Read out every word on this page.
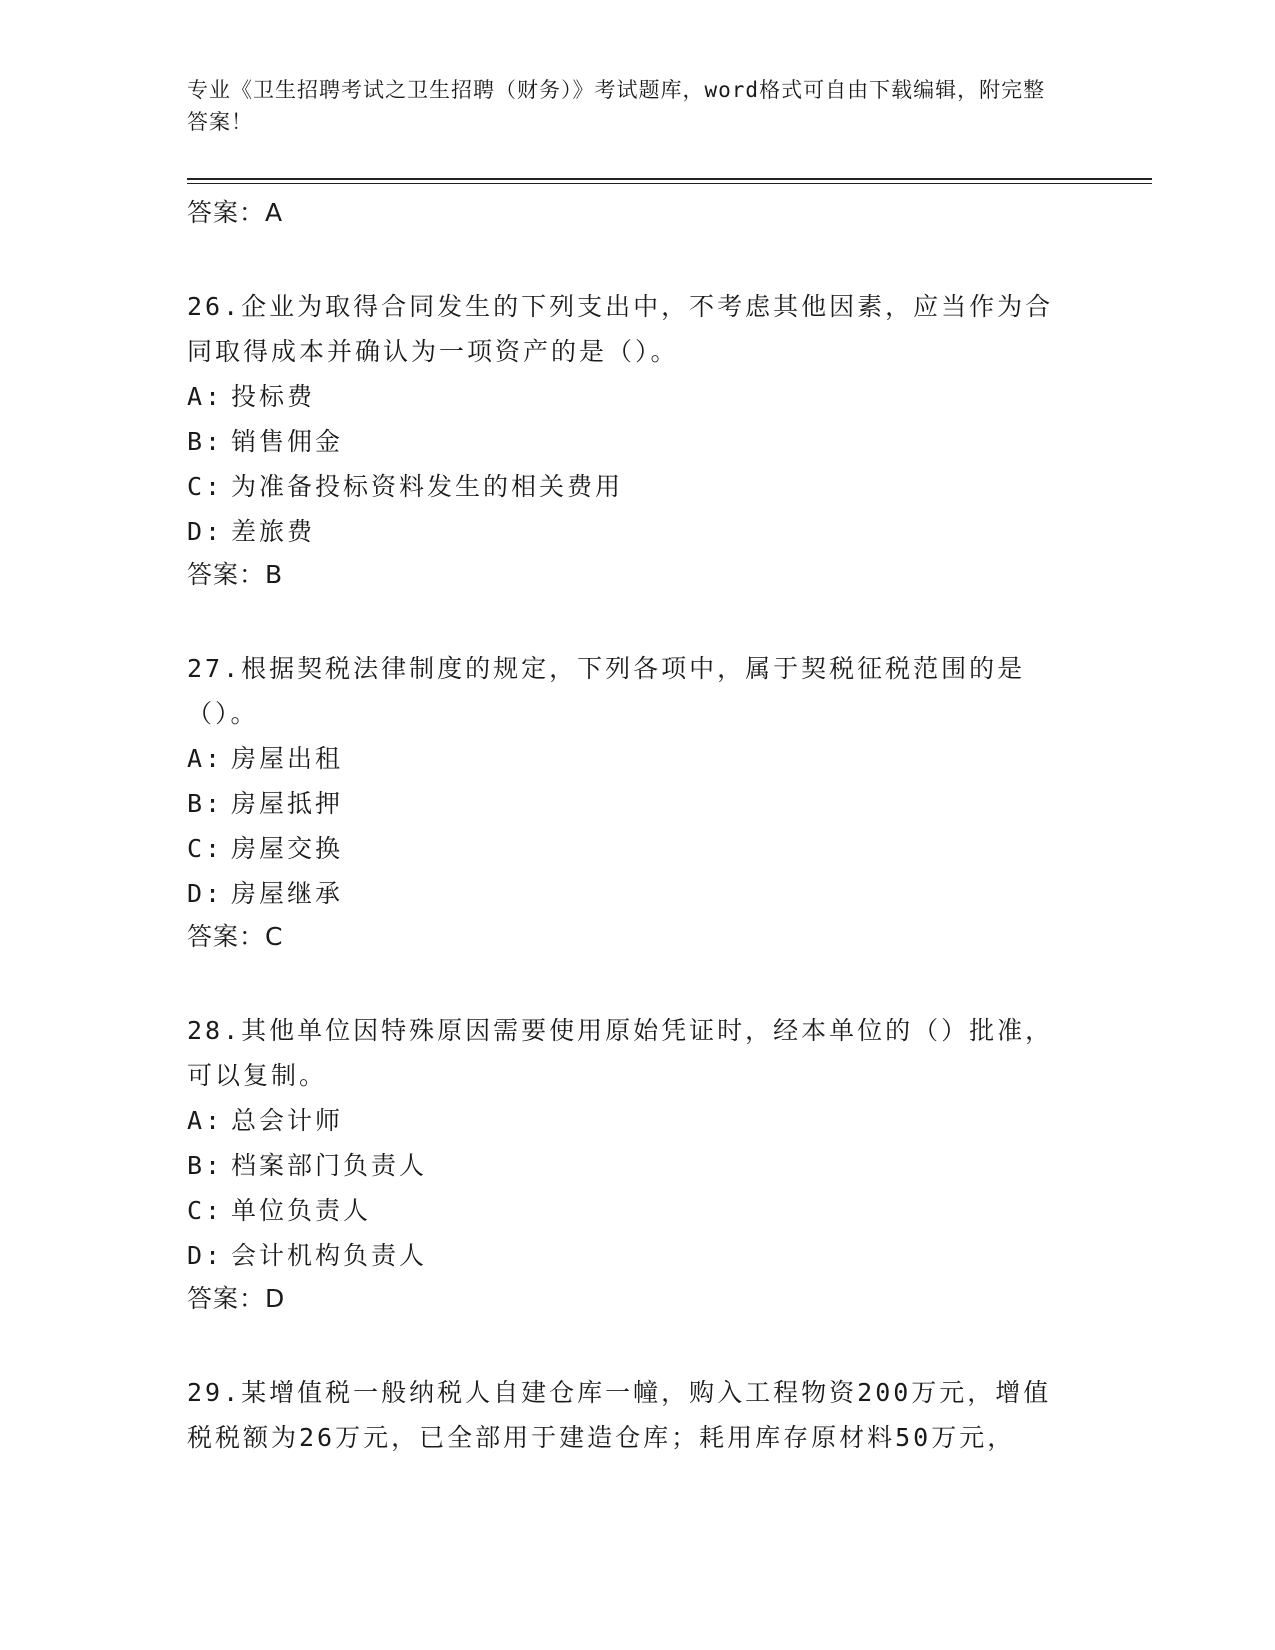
专业《卫生招聘考试之卫生招聘（财务）》考试题库，word格式可自由下载编辑，附完整答案！

答案：A

26.企业为取得合同发生的下列支出中，不考虑其他因素，应当作为合同取得成本并确认为一项资产的是（）。

A: 投标费

B: 销售佣金

C: 为准备投标资料发生的相关费用

D: 差旅费

答案：B

27.根据契税法律制度的规定，下列各项中，属于契税征税范围的是（）。

A: 房屋出租

B: 房屋抵押

C: 房屋交换

D: 房屋继承

答案：C

28.其他单位因特殊原因需要使用原始凭证时，经本单位的（）批准，可以复制。

A: 总会计师

B: 档案部门负责人

C: 单位负责人

D: 会计机构负责人

答案：D

29.某增值税一般纳税人自建仓库一幢，购入工程物资200万元，增值税税额为26万元，已全部用于建造仓库；耗用库存原材料50万元，
